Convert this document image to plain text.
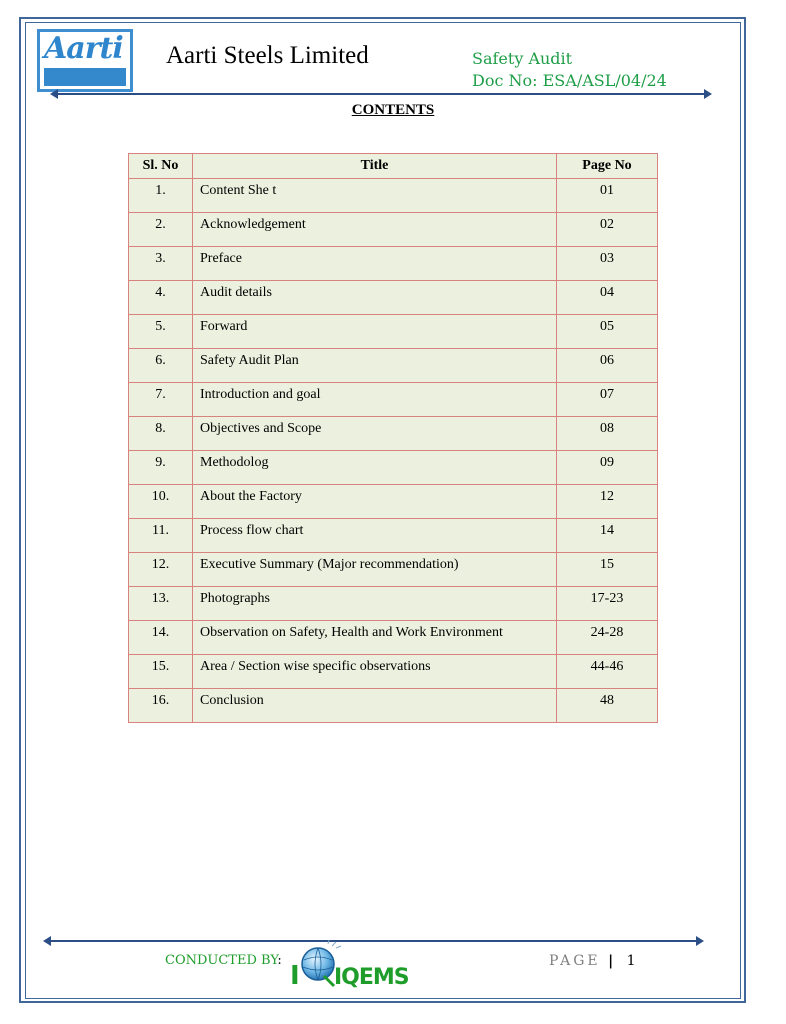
Aarti Aarti Steels Limited	Safety Audit
Doc No: ESA/ASL/04/24
CONTENTS
Sl. No	Title	Page No
1.	Content She t	01
2.	Acknowledgement	02
3.	Preface	03
4.	Audit details	04
5.	Forward	05
6.	Safety Audit Plan	06
7.	Introduction and goal	07
8.	Objectives and Scope	08
9.	Methodolog	09
10.	About the Factory	12
11.	Process flow chart	14
12.	Executive Summary (Major recommendation)	15
13.	Photographs	17-23
14.	Observation on Safety, Health and Work Environment	24-28
15.	Area / Section wise specific observations	44-46
16.	Conclusion	48
CONDUCTED BY:
I IQEMS
PAGE | 1
